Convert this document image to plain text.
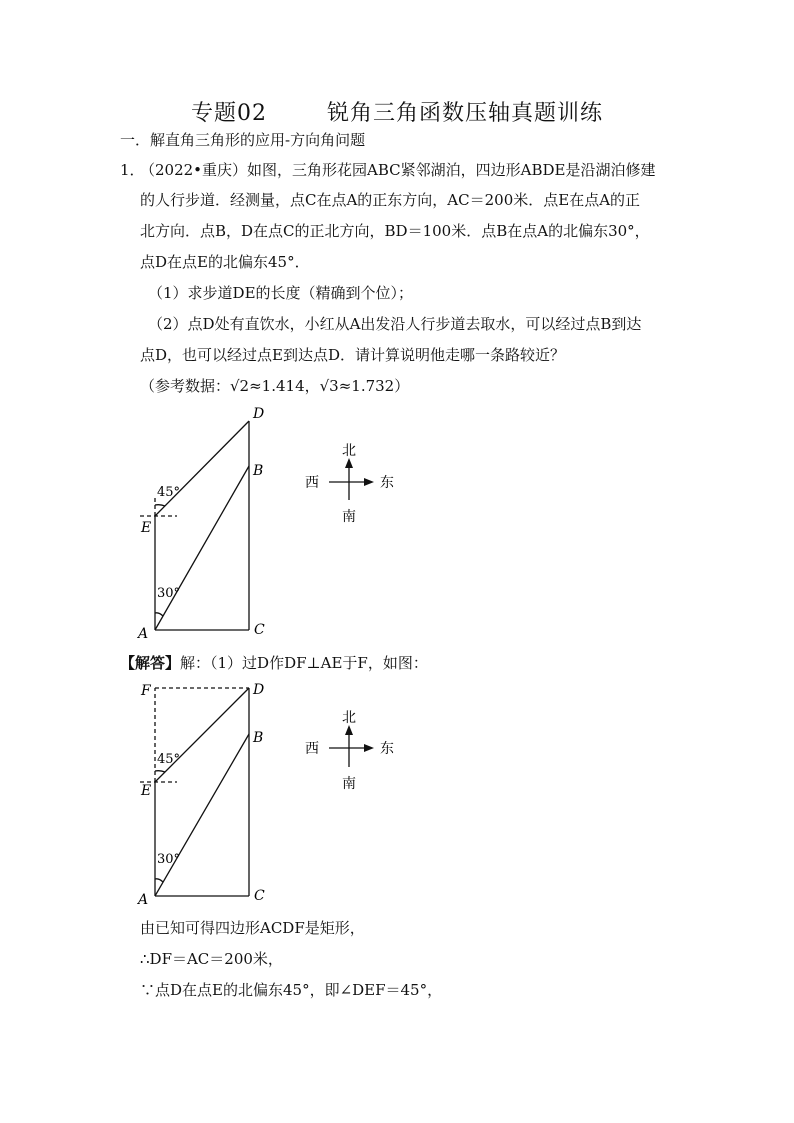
专题02	锐角三角函数压轴真题训练
一．解直角三角形的应用-方向角问题
1．
（2022•重庆）如图，三角形花园ABC紧邻湖泊，四边形ABDE是沿湖泊修建
的人行步道．经测量，点C在点A的正东方向，AC＝200米．点E在点A的正
北方向．点B，D在点C的正北方向，BD＝100米．点B在点A的北偏东30°，
点D在点E的北偏东45°．
（1）求步道DE的长度（精确到个位）；
（2）点D处有直饮水，小红从A出发沿人行步道去取水，可以经过点B到达
点D，也可以经过点E到达点D．请计算说明他走哪一条路较近？
（参考数据：√2≈1.414，√3≈1.732）
D
B
E
A	C
45°
30°
北
南
东
西
【解答】解：（1）过D作DF⊥AE于F，如图：
F	D
B
E
A	C
45°
30°
北
南
东
西
由已知可得四边形ACDF是矩形，
∴DF＝AC＝200米，
∵点D在点E的北偏东45°，即∠DEF＝45°，
